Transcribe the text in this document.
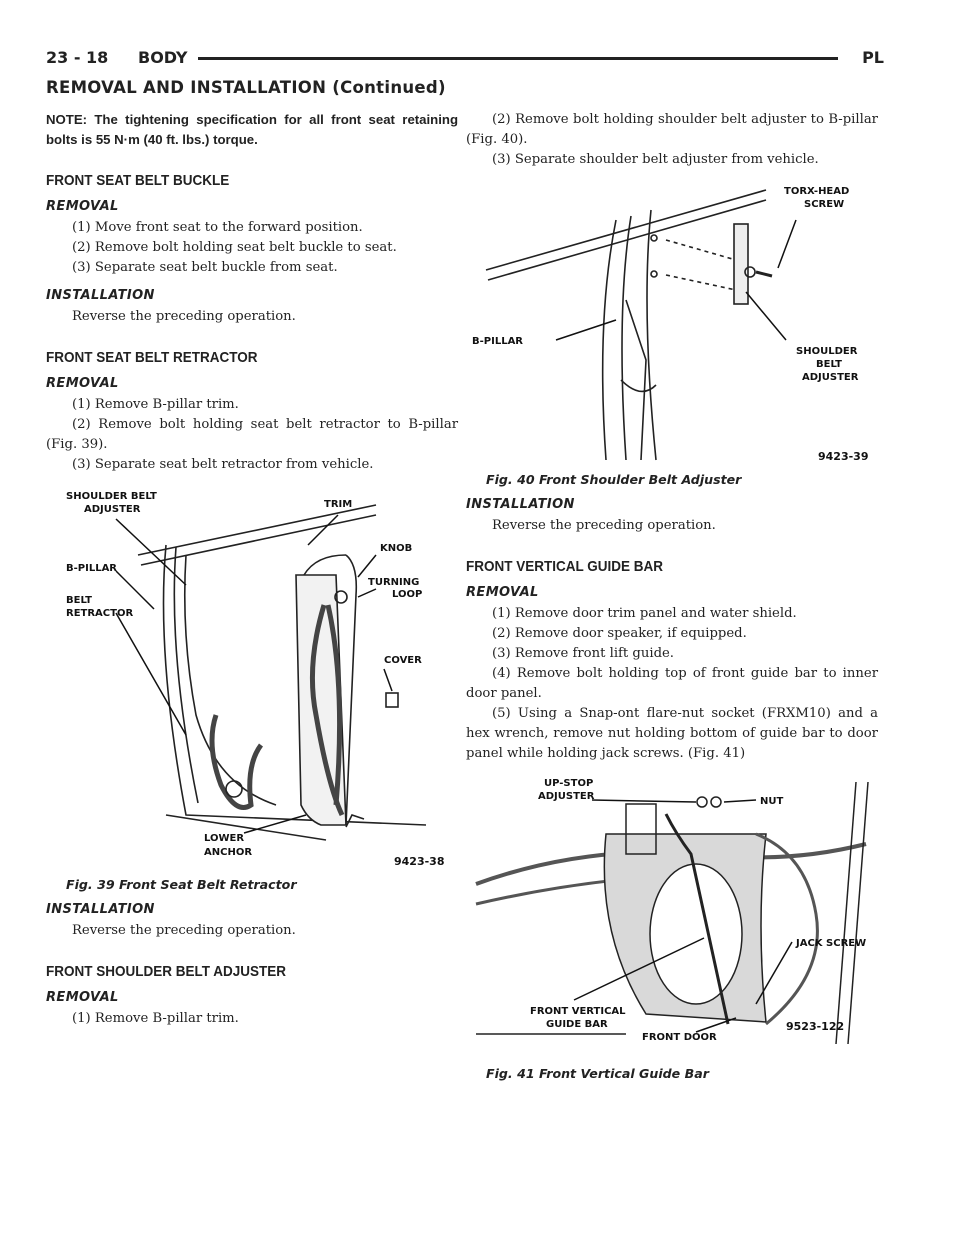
23 - 18 BODY	PL
REMOVAL AND INSTALLATION (Continued)

NOTE: The tightening specification for all front seat retaining bolts is 55 N·m (40 ft. lbs.) torque.

FRONT SEAT BELT BUCKLE
REMOVAL

(1) Move front seat to the forward position.

(2) Remove bolt holding seat belt buckle to seat.

(3) Separate seat belt buckle from seat.

INSTALLATION

Reverse the preceding operation.

FRONT SEAT BELT RETRACTOR
REMOVAL

(1) Remove B-pillar trim.

(2) Remove bolt holding seat belt retractor to B-pillar (Fig. 39).

(3) Separate seat belt retractor from vehicle.

SHOULDER BELT
ADJUSTER
B-PILLAR
BELT
RETRACTOR
TRIM
KNOB
TURNING
LOOP
COVER
LOWER
ANCHOR
9423-38
Fig. 39 Front Seat Belt Retractor
INSTALLATION

Reverse the preceding operation.

FRONT SHOULDER BELT ADJUSTER
REMOVAL

(1) Remove B-pillar trim.

(2) Remove bolt holding shoulder belt adjuster to B-pillar (Fig. 40).

(3) Separate shoulder belt adjuster from vehicle.

TORX-HEAD
SCREW
B-PILLAR
SHOULDER
BELT
ADJUSTER
9423-39
Fig. 40 Front Shoulder Belt Adjuster
INSTALLATION

Reverse the preceding operation.

FRONT VERTICAL GUIDE BAR
REMOVAL

(1) Remove door trim panel and water shield.

(2) Remove door speaker, if equipped.

(3) Remove front lift guide.

(4) Remove bolt holding top of front guide bar to inner door panel.

(5) Using a Snap-ont flare-nut socket (FRXM10) and a hex wrench, remove nut holding bottom of guide bar to door panel while holding jack screws. (Fig. 41)

UP-STOP
ADJUSTER	NUT
JACK SCREW
FRONT VERTICAL
GUIDE BAR
FRONT DOOR
9523-122
Fig. 41 Front Vertical Guide Bar
